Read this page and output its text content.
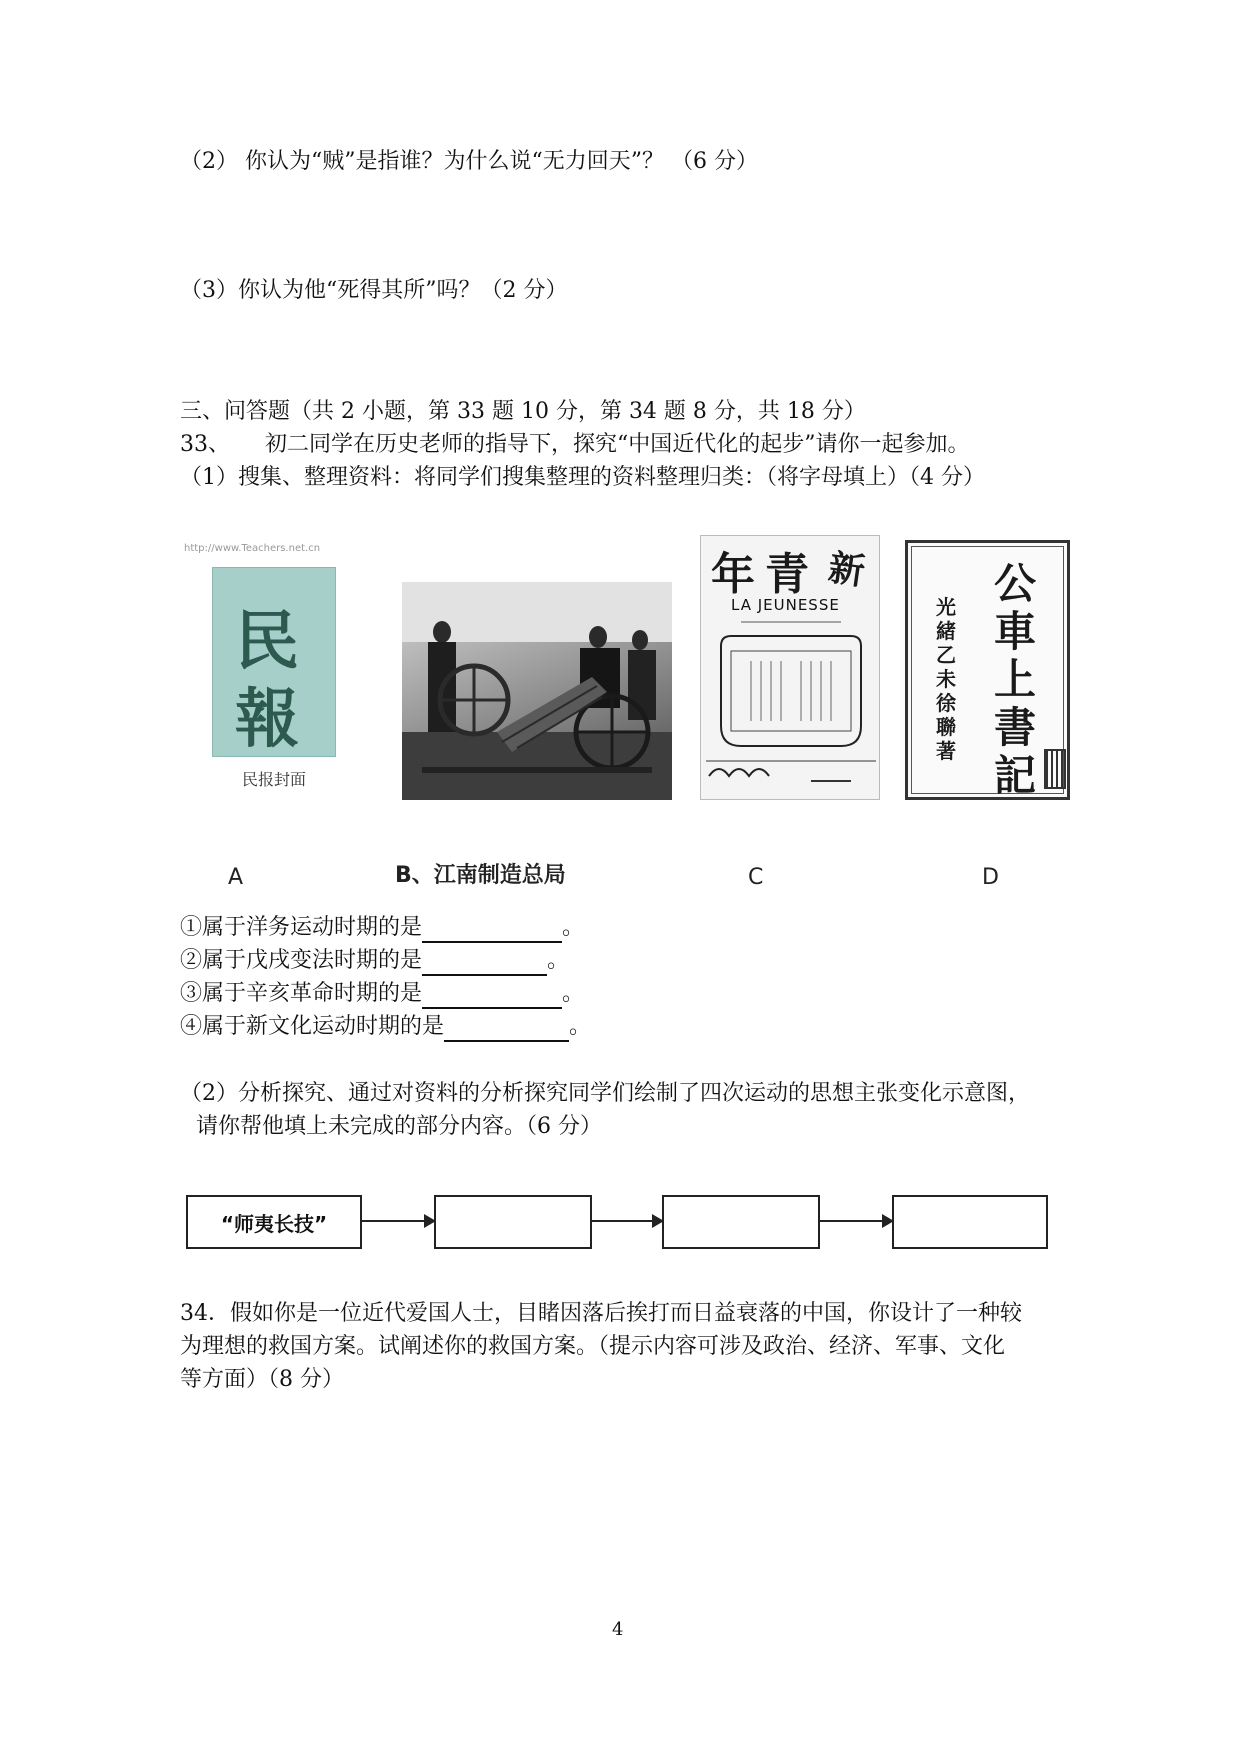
（2） 你认为“贼”是指谁？为什么说“无力回天”？ （6 分）
（3）你认为他“死得其所”吗？（2 分）
三、问答题（共 2 小题，第 33 题 10 分，第 34 题 8 分，共 18 分）
33、     初二同学在历史老师的指导下，探究“中国近代化的起步”请你一起参加。
（1）搜集、整理资料：将同学们搜集整理的资料整理归类：（将字母填上）（4 分）
http://www.Teachers.net.cn
民
報
民报封面
年 青 新
LA JEUNESSE	公
車
上
書
記
光
緒
乙
未
徐
聯
著
A	B、江南制造总局	C	D
①属于洋务运动时期的是	。
②属于戊戌变法时期的是	。
③属于辛亥革命时期的是	。
④属于新文化运动时期的是	。
（2）分析探究、通过对资料的分析探究同学们绘制了四次运动的思想主张变化示意图，
请你帮他填上未完成的部分内容。（6 分）
“师夷长技”
34．假如你是一位近代爱国人士，目睹因落后挨打而日益衰落的中国，你设计了一种较
为理想的救国方案。试阐述你的救国方案。（提示内容可涉及政治、经济、军事、文化
等方面）（8 分）
4
